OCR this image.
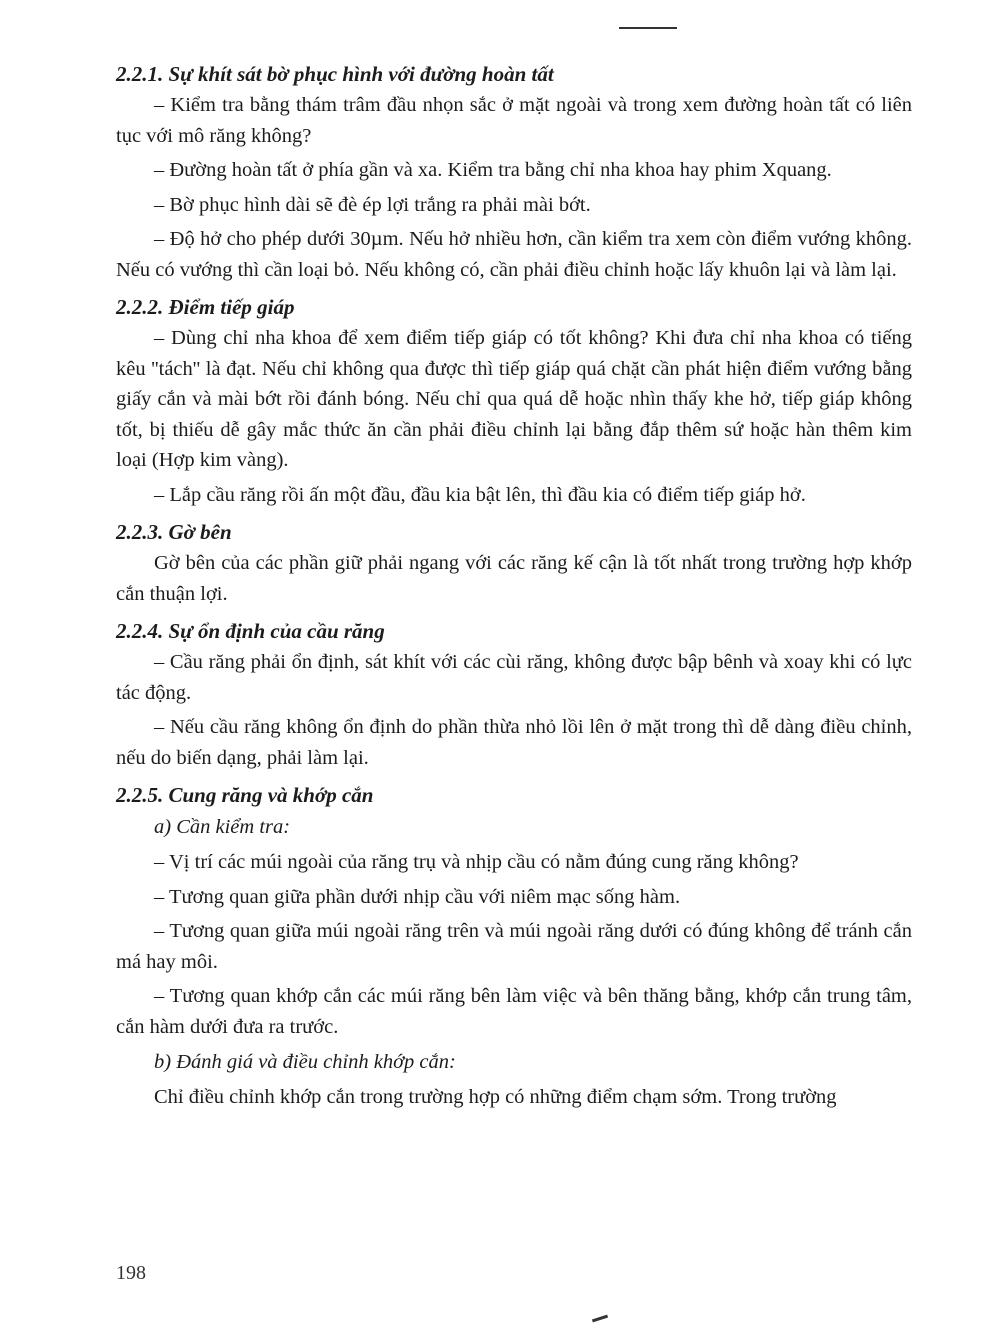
2.2.1. Sự khít sát bờ phục hình với đường hoàn tất

– Kiểm tra bằng thám trâm đầu nhọn sắc ở mặt ngoài và trong xem đường hoàn tất có liên tục với mô răng không?

– Đường hoàn tất ở phía gần và xa. Kiểm tra bằng chỉ nha khoa hay phim Xquang.

– Bờ phục hình dài sẽ đè ép lợi trắng ra phải mài bớt.

– Độ hở cho phép dưới 30µm. Nếu hở nhiều hơn, cần kiểm tra xem còn điểm vướng không. Nếu có vướng thì cần loại bỏ. Nếu không có, cần phải điều chỉnh hoặc lấy khuôn lại và làm lại.

2.2.2. Điểm tiếp giáp

– Dùng chỉ nha khoa để xem điểm tiếp giáp có tốt không? Khi đưa chỉ nha khoa có tiếng kêu ''tách'' là đạt. Nếu chỉ không qua được thì tiếp giáp quá chặt cần phát hiện điểm vướng bằng giấy cắn và mài bớt rồi đánh bóng. Nếu chỉ qua quá dễ hoặc nhìn thấy khe hở, tiếp giáp không tốt, bị thiếu dễ gây mắc thức ăn cần phải điều chỉnh lại bằng đắp thêm sứ hoặc hàn thêm kim loại (Hợp kim vàng).

– Lắp cầu răng rồi ấn một đầu, đầu kia bật lên, thì đầu kia có điểm tiếp giáp hở.

2.2.3. Gờ bên

Gờ bên của các phần giữ phải ngang với các răng kế cận là tốt nhất trong trường hợp khớp cắn thuận lợi.

2.2.4. Sự ổn định của cầu răng

– Cầu răng phải ổn định, sát khít với các cùi răng, không được bập bênh và xoay khi có lực tác động.

– Nếu cầu răng không ổn định do phần thừa nhỏ lồi lên ở mặt trong thì dễ dàng điều chỉnh, nếu do biến dạng, phải làm lại.

2.2.5. Cung răng và khớp cắn

a) Cần kiểm tra:

– Vị trí các múi ngoài của răng trụ và nhịp cầu có nằm đúng cung răng không?

– Tương quan giữa phần dưới nhịp cầu với niêm mạc sống hàm.

– Tương quan giữa múi ngoài răng trên và múi ngoài răng dưới có đúng không để tránh cắn má hay môi.

– Tương quan khớp cắn các múi răng bên làm việc và bên thăng bằng, khớp cắn trung tâm, cắn hàm dưới đưa ra trước.

b) Đánh giá và điều chỉnh khớp cắn:

Chỉ điều chỉnh khớp cắn trong trường hợp có những điểm chạm sớm. Trong trường

198
